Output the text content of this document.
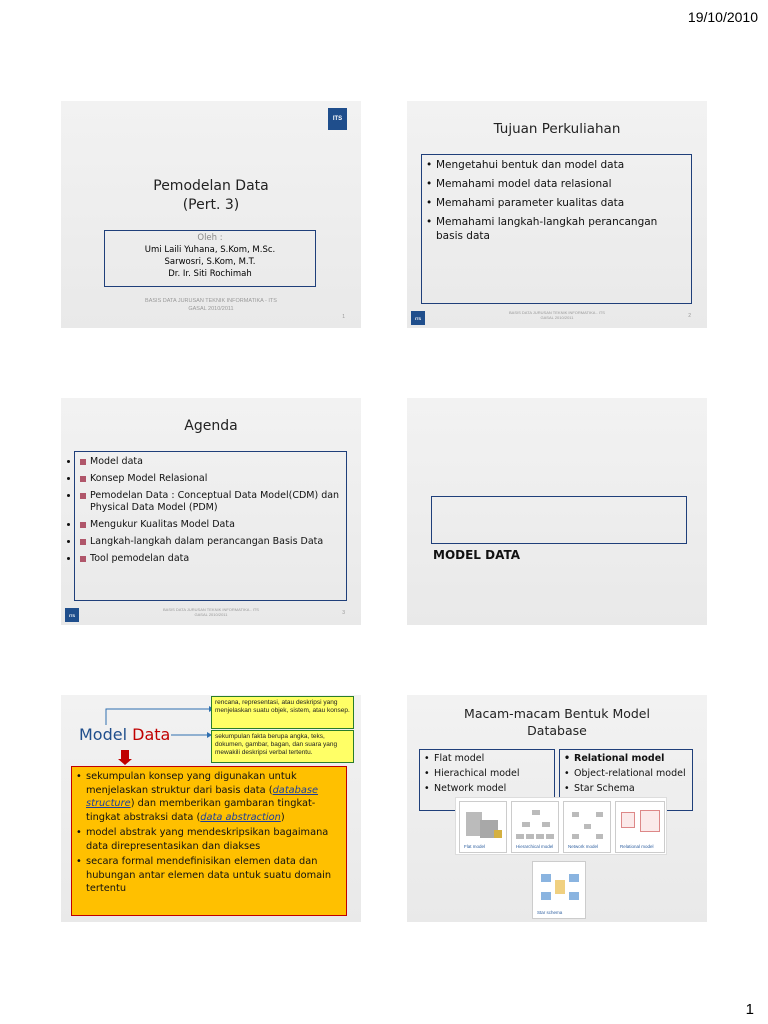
19/10/2010
ITS
Pemodelan Data
(Pert. 3)
Oleh :
Umi Laili Yuhana, S.Kom, M.Sc.
Sarwosri, S.Kom, M.T.
Dr. Ir. Siti Rochimah
BASIS DATA JURUSAN TEKNIK INFORMATIKA - ITS
GASAL 2010/2011
1
Tujuan Perkuliahan
• Mengetahui bentuk dan model data
• Memahami model data relasional
• Memahami parameter kualitas data
• Memahami langkah-langkah perancangan basis data
ITS
BASIS DATA JURUSAN TEKNIK INFORMATIKA - ITS
GASAL 2010/2011	2
Agenda
• Model data
• Konsep Model Relasional
• Pemodelan Data : Conceptual Data Model(CDM) dan Physical Data Model (PDM)
• Mengukur Kualitas Model Data
• Langkah-langkah dalam perancangan Basis Data
• Tool pemodelan data
ITS
BASIS DATA JURUSAN TEKNIK INFORMATIKA - ITS
GASAL 2010/2011	3
MODEL DATA
Model Data
rencana, representasi, atau deskripsi yang menjelaskan suatu objek, sistem, atau konsep.
sekumpulan fakta berupa angka, teks, dokumen, gambar, bagan, dan suara yang mewakili deskripsi verbal tertentu.
• sekumpulan konsep yang digunakan untuk menjelaskan struktur dari basis data (database structure) dan memberikan gambaran tingkat-tingkat abstraksi data (data abstraction)
• model abstrak yang mendeskripsikan bagaimana data direpresentasikan dan diakses
• secara formal mendefinisikan elemen data dan hubungan antar elemen data untuk suatu domain tertentu
Macam-macam Bentuk Model
Database
• Flat model
• Hierachical model
• Network model
• Relational model
• Object-relational model
• Star Schema
Flat model	Hierarchical model	Network model	Relational model
Star schema
1
